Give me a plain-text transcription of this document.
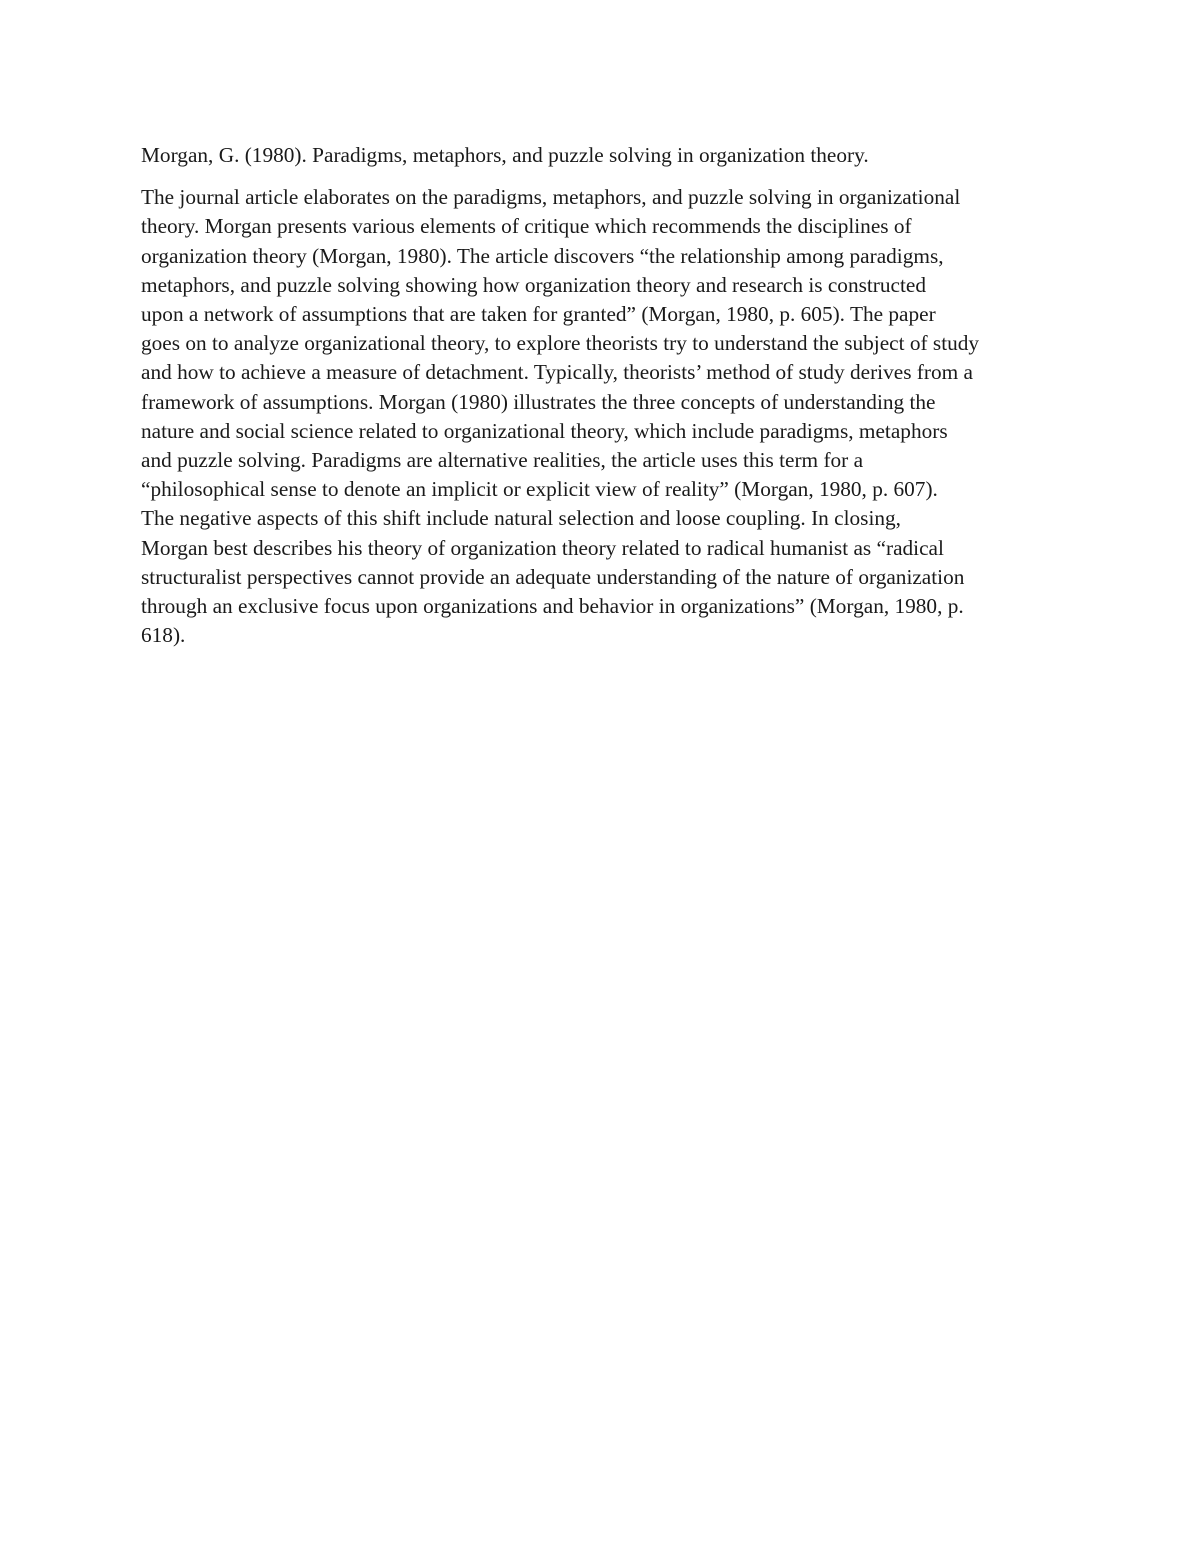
Morgan, G. (1980). Paradigms, metaphors, and puzzle solving in organization theory.

The journal article elaborates on the paradigms, metaphors, and puzzle solving in organizational
theory. Morgan presents various elements of critique which recommends the disciplines of
organization theory (Morgan, 1980). The article discovers “the relationship among paradigms,
metaphors, and puzzle solving showing how organization theory and research is constructed
upon a network of assumptions that are taken for granted” (Morgan, 1980, p. 605). The paper
goes on to analyze organizational theory, to explore theorists try to understand the subject of study
and how to achieve a measure of detachment. Typically, theorists’ method of study derives from a
framework of assumptions. Morgan (1980) illustrates the three concepts of understanding the
nature and social science related to organizational theory, which include paradigms, metaphors
and puzzle solving. Paradigms are alternative realities, the article uses this term for a
“philosophical sense to denote an implicit or explicit view of reality” (Morgan, 1980, p. 607).
The negative aspects of this shift include natural selection and loose coupling. In closing,
Morgan best describes his theory of organization theory related to radical humanist as “radical
structuralist perspectives cannot provide an adequate understanding of the nature of organization
through an exclusive focus upon organizations and behavior in organizations” (Morgan, 1980, p.
618).
